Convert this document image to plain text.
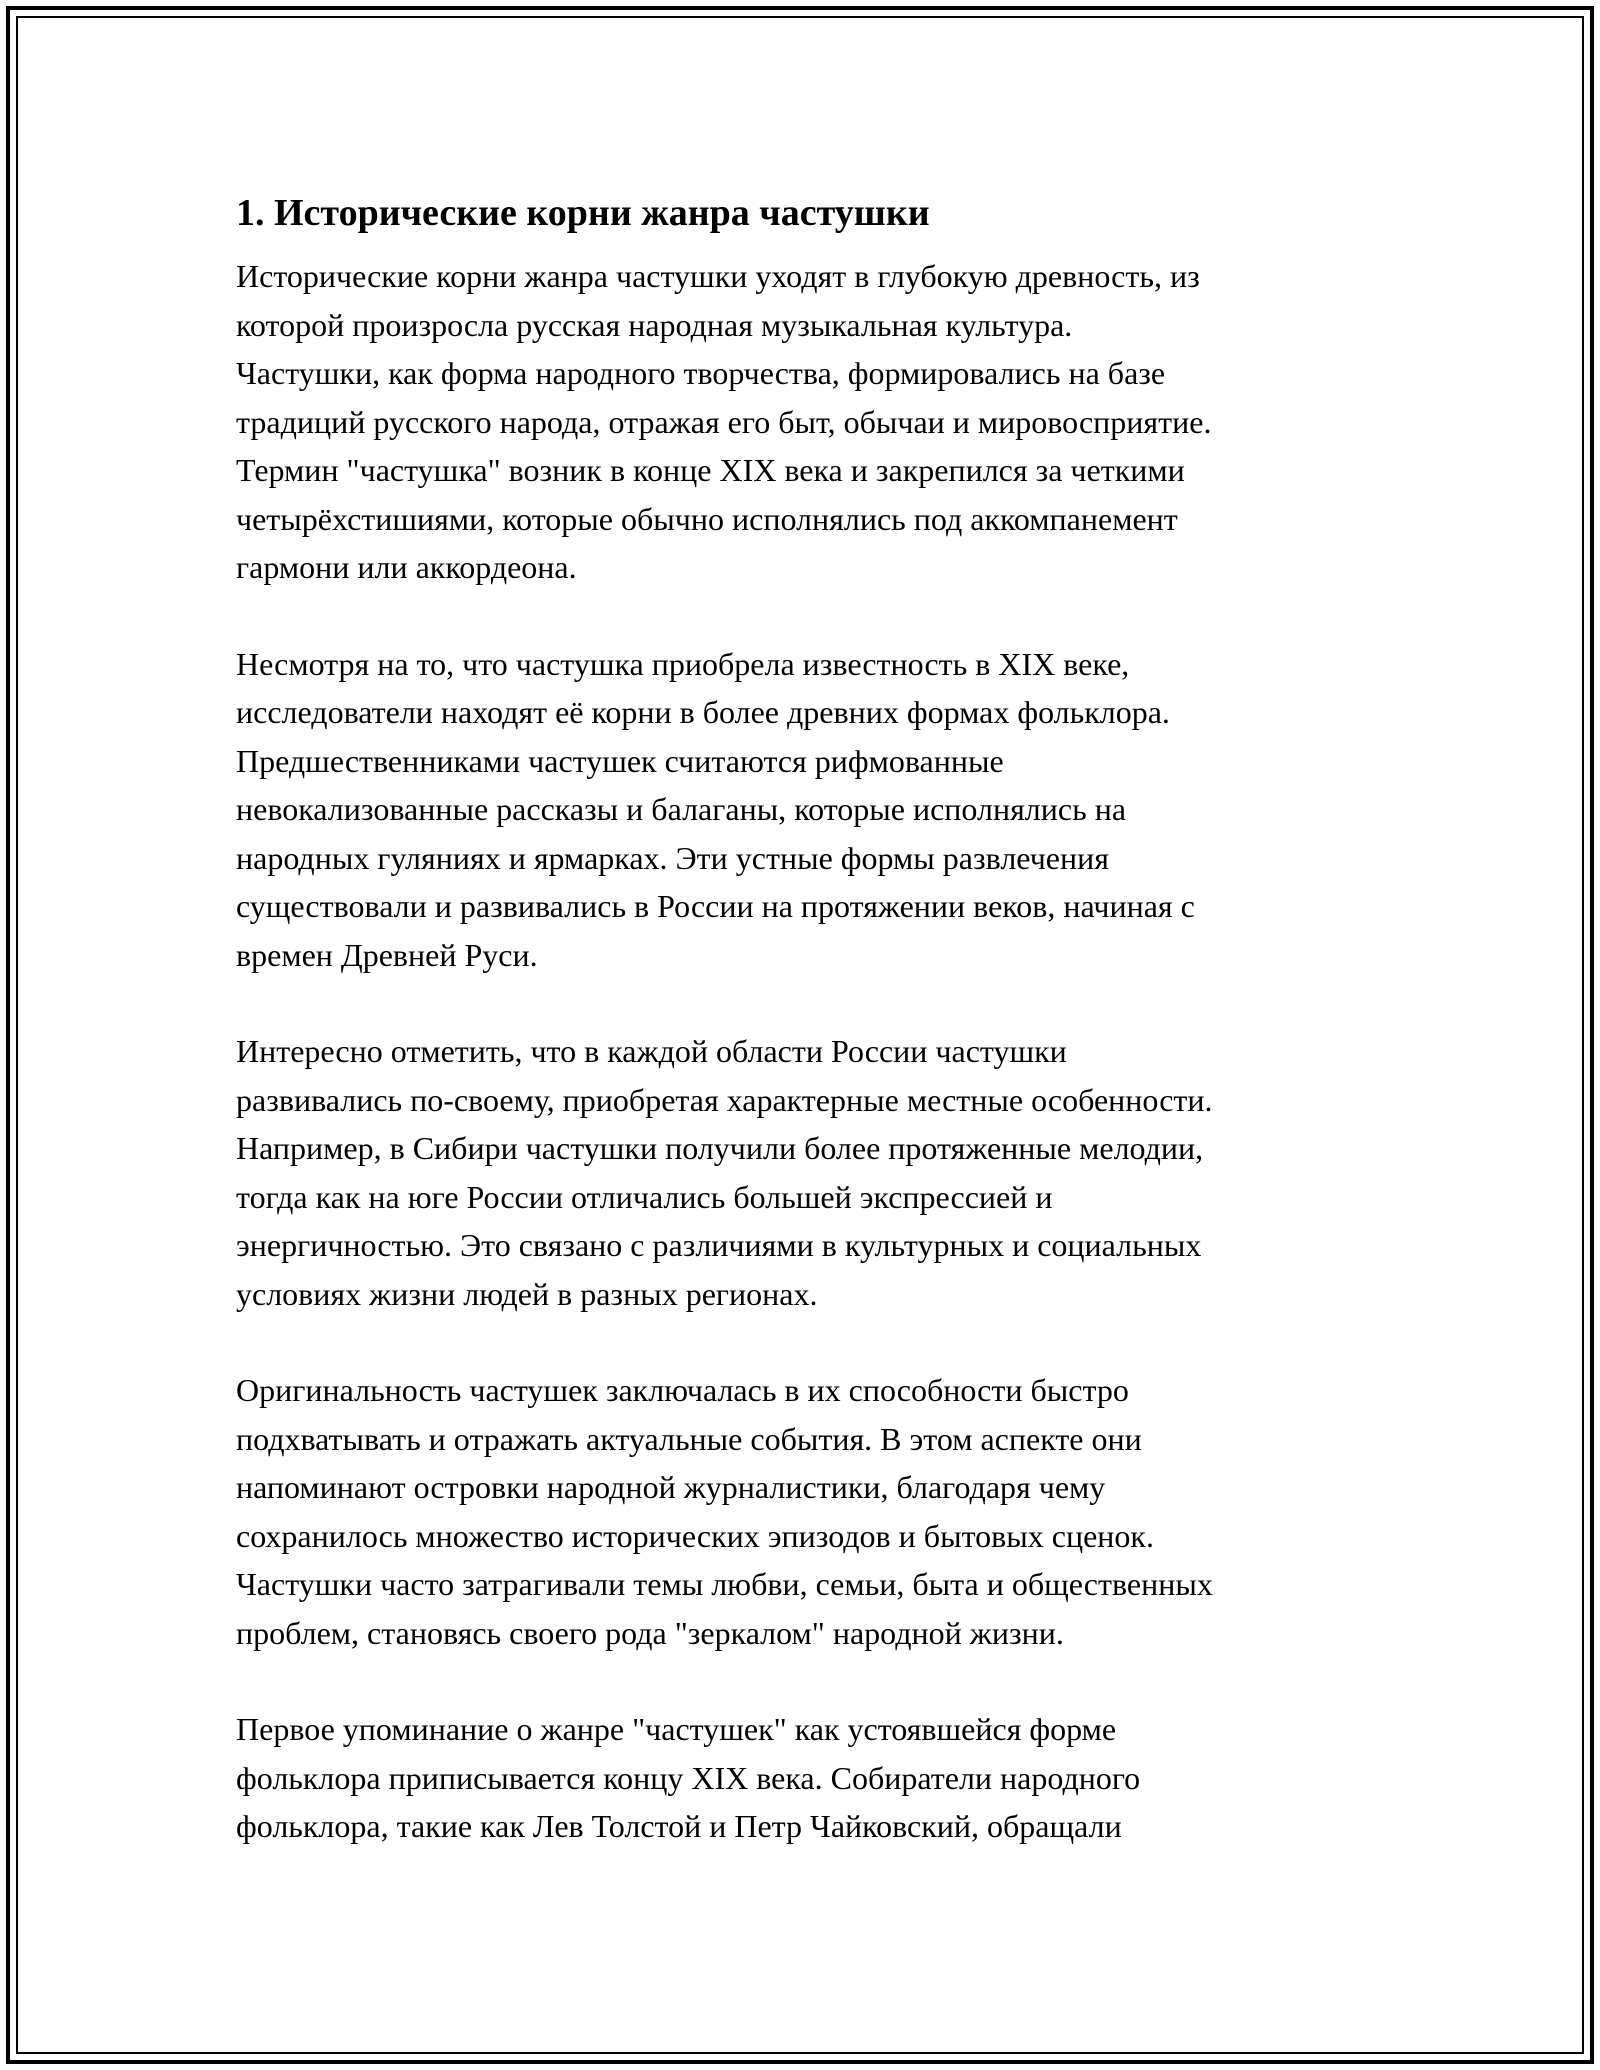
1. Исторические корни жанра частушки

Исторические корни жанра частушки уходят в глубокую древность, из
которой произросла русская народная музыкальная культура.
Частушки, как форма народного творчества, формировались на базе
традиций русского народа, отражая его быт, обычаи и мировосприятие.
Термин "частушка" возник в конце XIX века и закрепился за четкими
четырёхстишиями, которые обычно исполнялись под аккомпанемент
гармони или аккордеона.

Несмотря на то, что частушка приобрела известность в XIX веке,
исследователи находят её корни в более древних формах фольклора.
Предшественниками частушек считаются рифмованные
невокализованные рассказы и балаганы, которые исполнялись на
народных гуляниях и ярмарках. Эти устные формы развлечения
существовали и развивались в России на протяжении веков, начиная с
времен Древней Руси.

Интересно отметить, что в каждой области России частушки
развивались по-своему, приобретая характерные местные особенности.
Например, в Сибири частушки получили более протяженные мелодии,
тогда как на юге России отличались большей экспрессией и
энергичностью. Это связано с различиями в культурных и социальных
условиях жизни людей в разных регионах.

Оригинальность частушек заключалась в их способности быстро
подхватывать и отражать актуальные события. В этом аспекте они
напоминают островки народной журналистики, благодаря чему
сохранилось множество исторических эпизодов и бытовых сценок.
Частушки часто затрагивали темы любви, семьи, быта и общественных
проблем, становясь своего рода "зеркалом" народной жизни.

Первое упоминание о жанре "частушек" как устоявшейся форме
фольклора приписывается концу XIX века. Собиратели народного
фольклора, такие как Лев Толстой и Петр Чайковский, обращали
